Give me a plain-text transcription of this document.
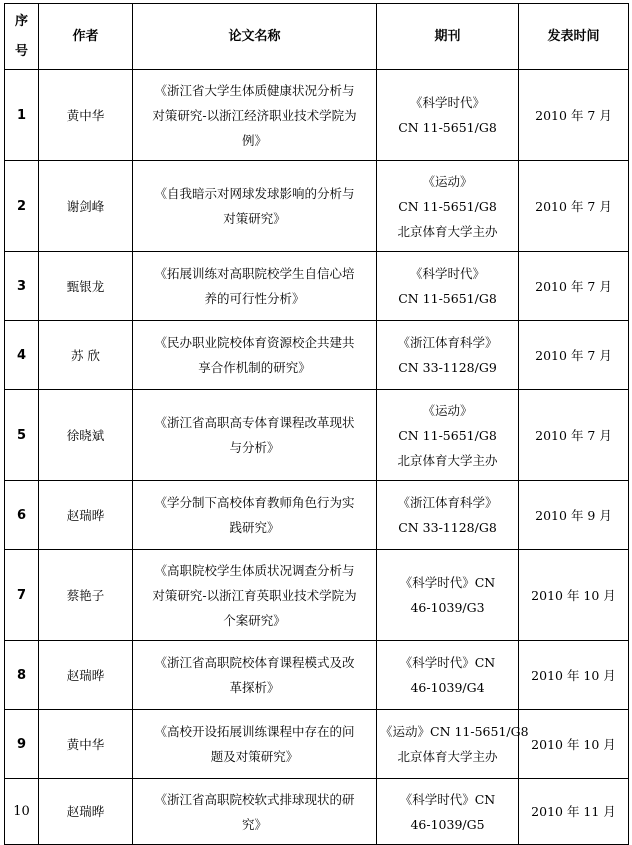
序号	作者	论文名称	期刊	发表时间
1	黄中华	《浙江省大学生体质健康状况分析与
对策研究-以浙江经济职业技术学院为
例》	《科学时代》
CN 11-5651/G8	2010 年 7 月
2	谢剑峰	《自我暗示对网球发球影响的分析与
对策研究》	《运动》
CN 11-5651/G8
北京体育大学主办	2010 年 7 月
3	甄银龙	《拓展训练对高职院校学生自信心培
养的可行性分析》	《科学时代》
CN 11-5651/G8	2010 年 7 月
4	苏 欣	《民办职业院校体育资源校企共建共
享合作机制的研究》	《浙江体育科学》
CN 33-1128/G9	2010 年 7 月
5	徐晓斌	《浙江省高职高专体育课程改革现状
与分析》	《运动》
CN 11-5651/G8
北京体育大学主办	2010 年 7 月
6	赵瑞晔	《学分制下高校体育教师角色行为实
践研究》	《浙江体育科学》
CN 33-1128/G8	2010 年 9 月
7	蔡艳子	《高职院校学生体质状况调查分析与
对策研究-以浙江育英职业技术学院为
个案研究》	《科学时代》CN
46-1039/G3	2010 年 10 月
8	赵瑞晔	《浙江省高职院校体育课程模式及改
革探析》	《科学时代》CN
46-1039/G4	2010 年 10 月
9	黄中华	《高校开设拓展训练课程中存在的问
题及对策研究》	《运动》CN 11-5651/G8
北京体育大学主办	2010 年 10 月
10	赵瑞晔	《浙江省高职院校软式排球现状的研
究》	《科学时代》CN
46-1039/G5	2010 年 11 月
